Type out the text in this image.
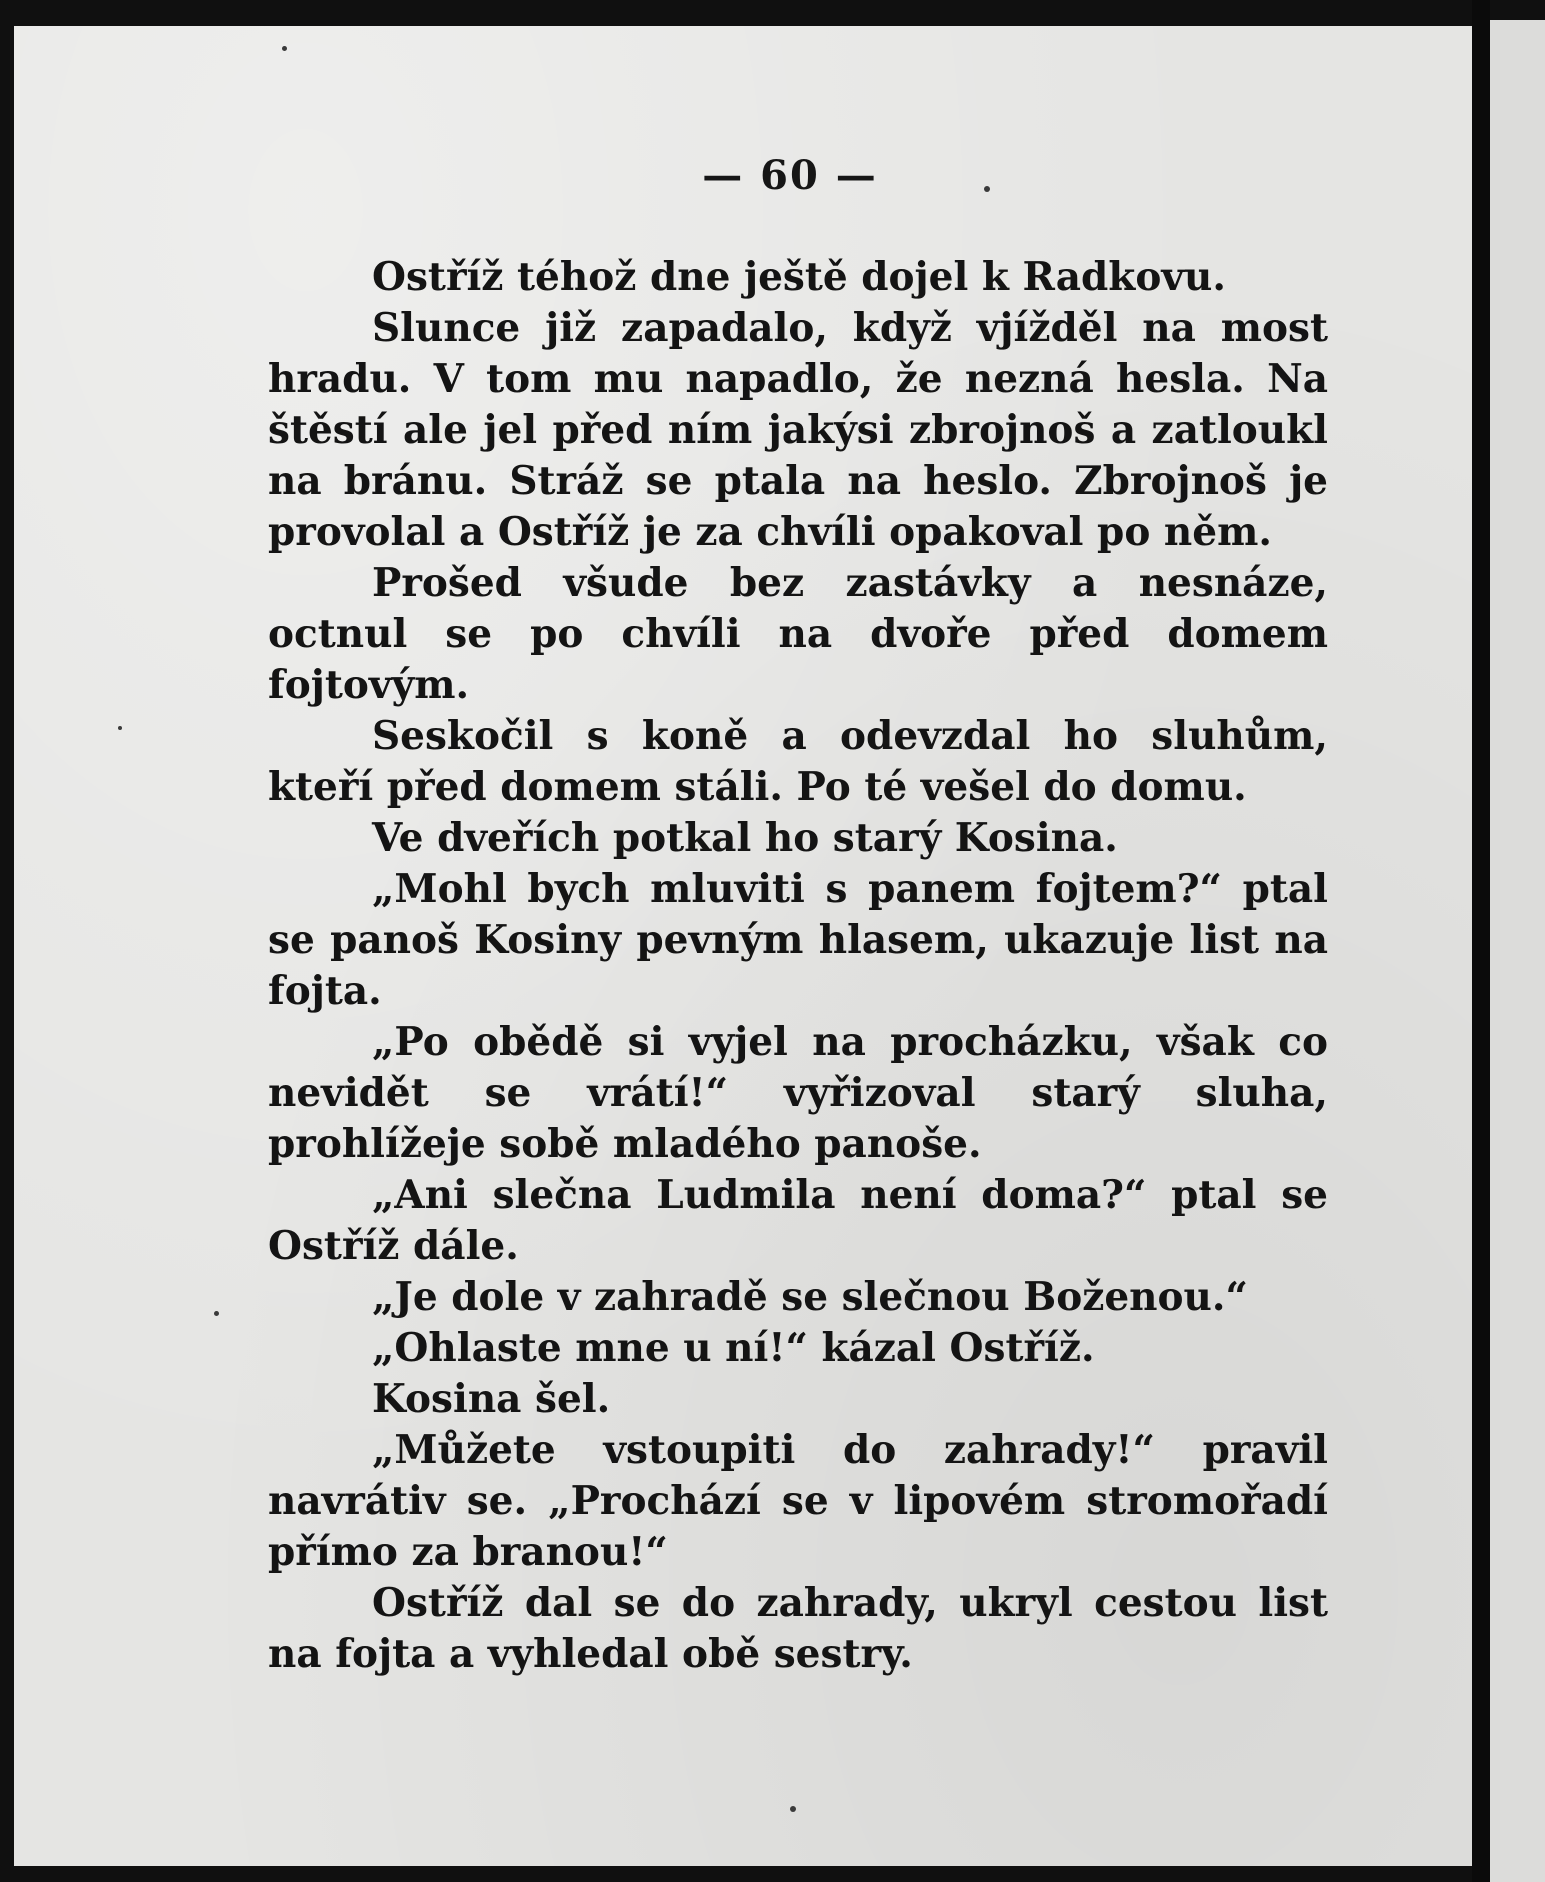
— 60 —

Ostříž téhož dne ještě dojel k Radkovu.

Slunce již zapadalo, když vjížděl na most hradu. V tom mu napadlo, že nezná hesla. Na štěstí ale jel před ním jakýsi zbrojnoš a zatloukl na bránu. Stráž se ptala na heslo. Zbrojnoš je provolal a Ostříž je za chvíli opakoval po něm.

Prošed všude bez zastávky a nesnáze, octnul se po chvíli na dvoře před domem fojtovým.

Seskočil s koně a odevzdal ho sluhům, kteří před domem stáli. Po té vešel do domu.

Ve dveřích potkal ho starý Kosina.

„Mohl bych mluviti s panem fojtem?“ ptal se panoš Kosiny pevným hlasem, ukazuje list na fojta.

„Po obědě si vyjel na procházku, však co nevidět se vrátí!“ vyřizoval starý sluha, prohlížeje sobě mladého panoše.

„Ani slečna Ludmila není doma?“ ptal se Ostříž dále.

„Je dole v zahradě se slečnou Boženou.“

„Ohlaste mne u ní!“ kázal Ostříž.

Kosina šel.

„Můžete vstoupiti do zahrady!“ pravil navrátiv se. „Prochází se v lipovém stromořadí přímo za branou!“

Ostříž dal se do zahrady, ukryl cestou list na fojta a vyhledal obě sestry.
